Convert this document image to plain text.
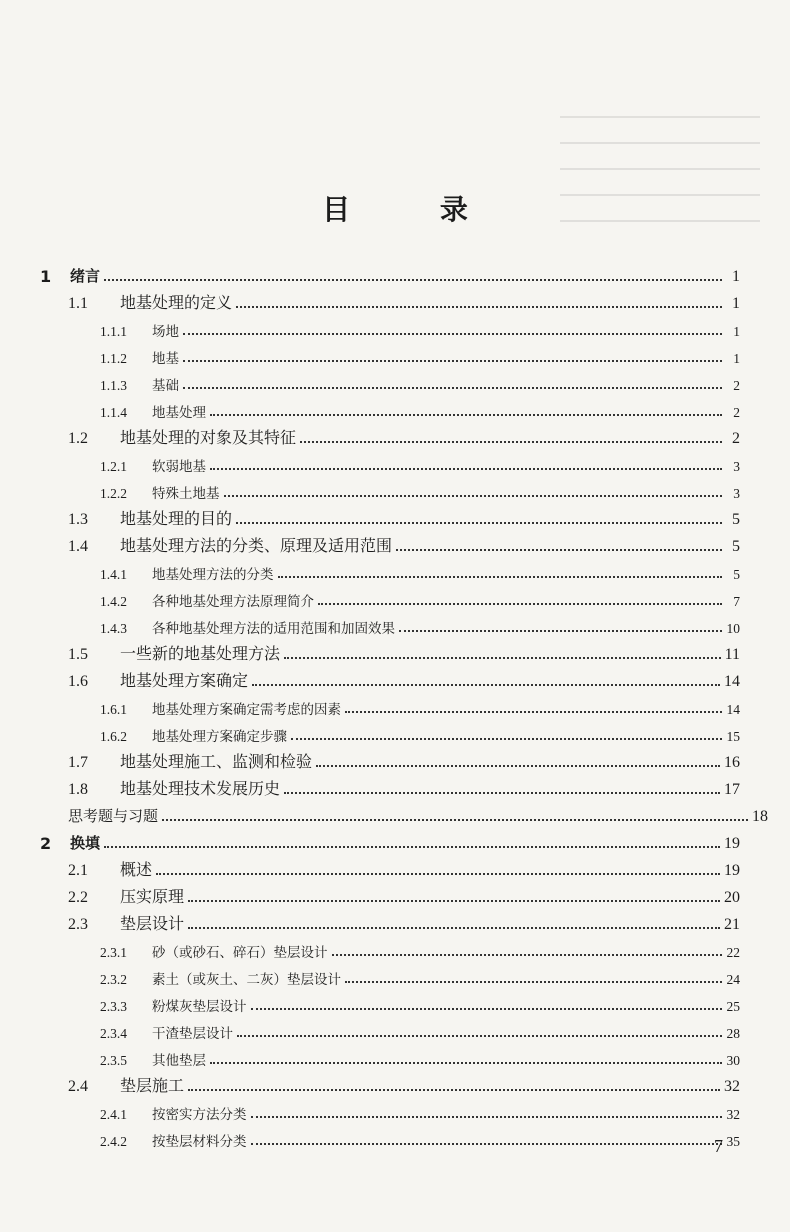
目 录
1	绪言	1
1.1	地基处理的定义	1
1.1.1	场地	1
1.1.2	地基	1
1.1.3	基础	2
1.1.4	地基处理	2
1.2	地基处理的对象及其特征	2
1.2.1	软弱地基	3
1.2.2	特殊土地基	3
1.3	地基处理的目的	5
1.4	地基处理方法的分类、原理及适用范围	5
1.4.1	地基处理方法的分类	5
1.4.2	各种地基处理方法原理简介	7
1.4.3	各种地基处理方法的适用范围和加固效果	10
1.5	一些新的地基处理方法	11
1.6	地基处理方案确定	14
1.6.1	地基处理方案确定需考虑的因素	14
1.6.2	地基处理方案确定步骤	15
1.7	地基处理施工、监测和检验	16
1.8	地基处理技术发展历史	17
思考题与习题	18
2	换填	19
2.1	概述	19
2.2	压实原理	20
2.3	垫层设计	21
2.3.1	砂（或砂石、碎石）垫层设计	22
2.3.2	素土（或灰土、二灰）垫层设计	24
2.3.3	粉煤灰垫层设计	25
2.3.4	干渣垫层设计	28
2.3.5	其他垫层	30
2.4	垫层施工	32
2.4.1	按密实方法分类	32
2.4.2	按垫层材料分类	35
7
